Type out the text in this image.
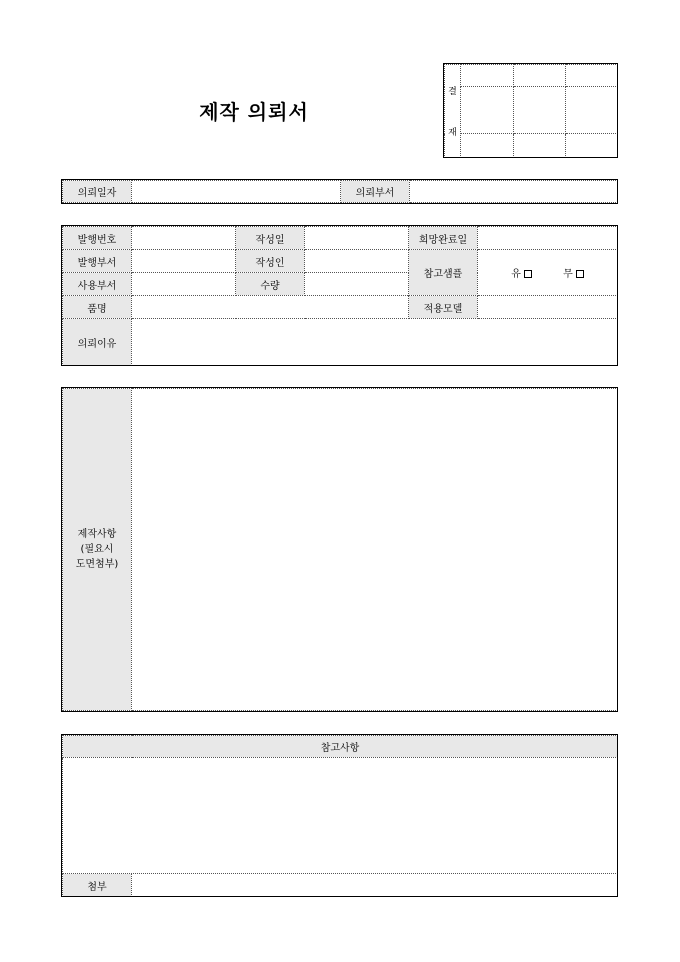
제작 의뢰서
결
재			

의뢰일자		의뢰부서	
발행번호		작성일		희망완료일	
발행부서		작성인		참고샘플	유 무
사용부서		수량			
품명				적용모델	
의뢰이유					
제작사항
(필요시
도면첨부)

참고사항

첨부	
